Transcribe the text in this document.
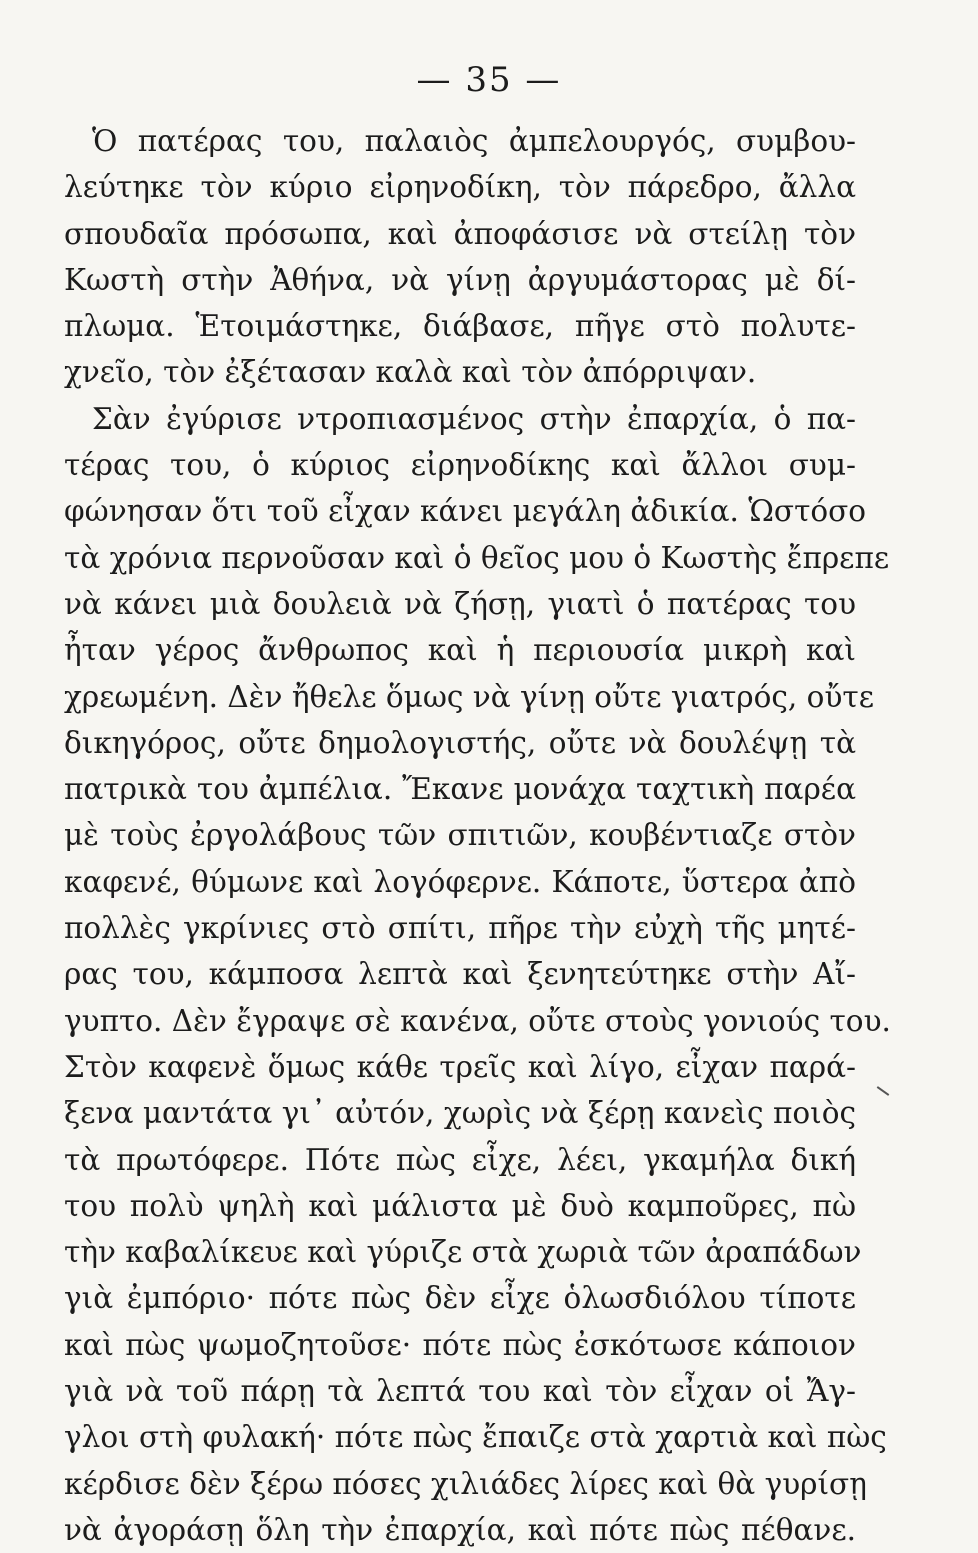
— 35 —
Ὁ πατέρας του, παλαιὸς ἀμπελουργός, συμβου-
λεύτηκε τὸν κύριο εἰρηνοδίκη, τὸν πάρεδρο, ἄλλα
σπουδαῖα πρόσωπα, καὶ ἀποφάσισε νὰ στείλῃ τὸν
Κωστὴ στὴν Ἀθήνα, νὰ γίνῃ ἀργυμάστορας μὲ δί-
πλωμα. Ἑτοιμάστηκε, διάβασε, πῆγε στὸ πολυτε-
χνεῖο, τὸν ἐξέτασαν καλὰ καὶ τὸν ἀπόρριψαν.
Σὰν ἐγύρισε ντροπιασμένος στὴν ἐπαρχία, ὁ πα-
τέρας του, ὁ κύριος εἰρηνοδίκης καὶ ἄλλοι συμ-
φώνησαν ὅτι τοῦ εἶχαν κάνει μεγάλη ἀδικία. Ὡστόσο
τὰ χρόνια περνοῦσαν καὶ ὁ θεῖος μου ὁ Κωστὴς ἔπρεπε
νὰ κάνει μιὰ δουλειὰ νὰ ζήσῃ, γιατὶ ὁ πατέρας του
ἦταν γέρος ἄνθρωπος καὶ ἡ περιουσία μικρὴ καὶ
χρεωμένη. Δὲν ἤθελε ὅμως νὰ γίνῃ οὔτε γιατρός, οὔτε
δικηγόρος, οὔτε δημολογιστής, οὔτε νὰ δουλέψῃ τὰ
πατρικὰ του ἀμπέλια. Ἔκανε μονάχα ταχτικὴ παρέα
μὲ τοὺς ἐργολάβους τῶν σπιτιῶν, κουβέντιαζε στὸν
καφενέ, θύμωνε καὶ λογόφερνε. Κάποτε, ὕστερα ἀπὸ
πολλὲς γκρίνιες στὸ σπίτι, πῆρε τὴν εὐχὴ τῆς μητέ-
ρας του, κάμποσα λεπτὰ καὶ ξενητεύτηκε στὴν Αἴ-
γυπτο. Δὲν ἔγραψε σὲ κανένα, οὔτε στοὺς γονιούς του.
Στὸν καφενὲ ὅμως κάθε τρεῖς καὶ λίγο, εἶχαν παρά-
ξενα μαντάτα γι᾿ αὐτόν, χωρὶς νὰ ξέρῃ κανεὶς ποιὸς
τὰ πρωτόφερε. Πότε πὼς εἶχε, λέει, γκαμήλα δική
του πολὺ ψηλὴ καὶ μάλιστα μὲ δυὸ καμποῦρες, πὼ
τὴν καβαλίκευε καὶ γύριζε στὰ χωριὰ τῶν ἀραπάδων
γιὰ ἐμπόριο· πότε πὼς δὲν εἶχε ὁλωσδιόλου τίποτε
καὶ πὼς ψωμοζητοῦσε· πότε πὼς ἐσκότωσε κάποιον
γιὰ νὰ τοῦ πάρῃ τὰ λεπτά του καὶ τὸν εἶχαν οἱ Ἄγ-
γλοι στὴ φυλακή· πότε πὼς ἔπαιζε στὰ χαρτιὰ καὶ πὼς
κέρδισε δὲν ξέρω πόσες χιλιάδες λίρες καὶ θὰ γυρίσῃ
νὰ ἀγοράσῃ ὅλη τὴν ἐπαρχία, καὶ πότε πὼς πέθανε.
